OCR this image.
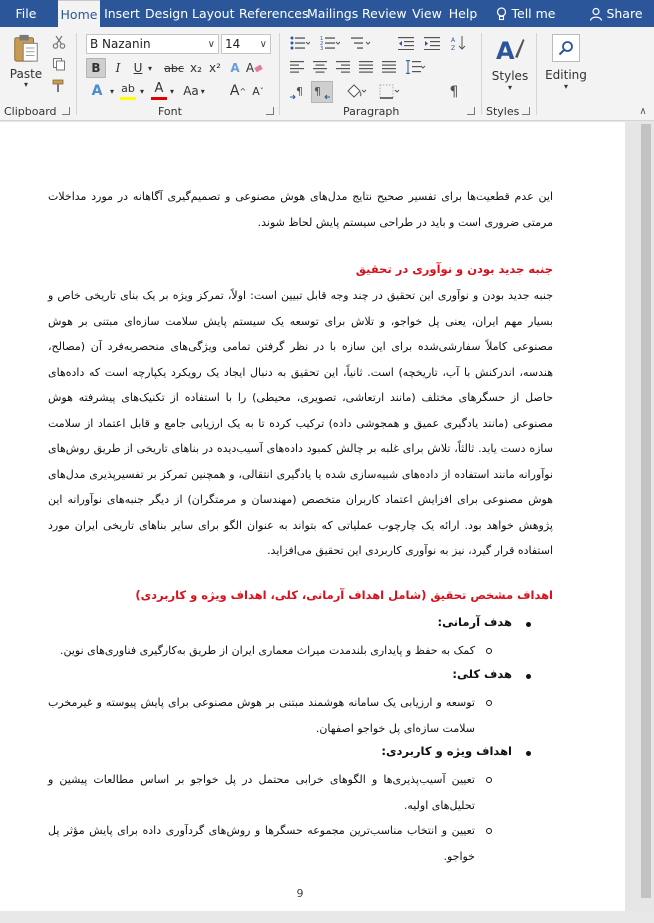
File	Home Insert Design Layout References
Mailings Review View Help	Tell me	Share
Paste
▾
Clipboard
B Nazanin	∨ 14 ∨
B	I	U ▾ abc x₂ x² A
A ▾ ab ▾ A ▾ Aa ▾ A ^ A ˇ
A
Font
1
2
3
¶ ¶	¶
A
Z
Paragraph
A
Styles
▾
Styles
Editing
▾
∧
این عدم قطعیت‌ها برای تفسیر صحیح نتایج مدل‌های هوش مصنوعی و تصمیم‌گیری آگاهانه در مورد مداخلات مرمتی ضروری است و باید در طراحی سیستم پایش لحاظ شوند.
جنبه جدید بودن و نوآوری در تحقیق
جنبه جدید بودن و نوآوری این تحقیق در چند وجه قابل تبیین است: اولاً، تمرکز ویژه بر یک بنای تاریخی خاص و بسیار مهم ایران، یعنی پل خواجو، و تلاش برای توسعه یک سیستم پایش سلامت سازه‌ای مبتنی بر هوش مصنوعی کاملاً سفارشی‌شده برای این سازه با در نظر گرفتن تمامی ویژگی‌های منحصربه‌فرد آن (مصالح، هندسه، اندرکنش با آب، تاریخچه) است. ثانیاً، این تحقیق به دنبال ایجاد یک رویکرد یکپارچه است که داده‌های حاصل از حسگرهای مختلف (مانند ارتعاشی، تصویری، محیطی) را با استفاده از تکنیک‌های پیشرفته هوش مصنوعی (مانند یادگیری عمیق و همجوشی داده) ترکیب کرده تا به یک ارزیابی جامع و قابل اعتماد از سلامت سازه دست یابد. ثالثاً، تلاش برای غلبه بر چالش کمبود داده‌های آسیب‌دیده در بناهای تاریخی از طریق روش‌های نوآورانه مانند استفاده از داده‌های شبیه‌سازی شده یا یادگیری انتقالی، و همچنین تمرکز بر تفسیرپذیری مدل‌های هوش مصنوعی برای افزایش اعتماد کاربران متخصص (مهندسان و مرمتگران) از دیگر جنبه‌های نوآورانه این پژوهش خواهد بود. ارائه یک چارچوب عملیاتی که بتواند به عنوان الگو برای سایر بناهای تاریخی ایران مورد استفاده قرار گیرد، نیز به نوآوری کاربردی این تحقیق می‌افزاید.
اهداف مشخص تحقیق (شامل اهداف آرمانی، کلی، اهداف ویژه و کاربردی)
هدف آرمانی:
کمک به حفظ و پایداری بلندمدت میراث معماری ایران از طریق به‌کارگیری فناوری‌های نوین.
هدف کلی:
توسعه و ارزیابی یک سامانه هوشمند مبتنی بر هوش مصنوعی برای پایش پیوسته و غیرمخرب سلامت سازه‌ای پل خواجو اصفهان.
اهداف ویژه و کاربردی:
تعیین آسیب‌پذیری‌ها و الگوهای خرابی محتمل در پل خواجو بر اساس مطالعات پیشین و تحلیل‌های اولیه.
تعیین و انتخاب مناسب‌ترین مجموعه حسگرها و روش‌های گردآوری داده برای پایش مؤثر پل خواجو.
9
